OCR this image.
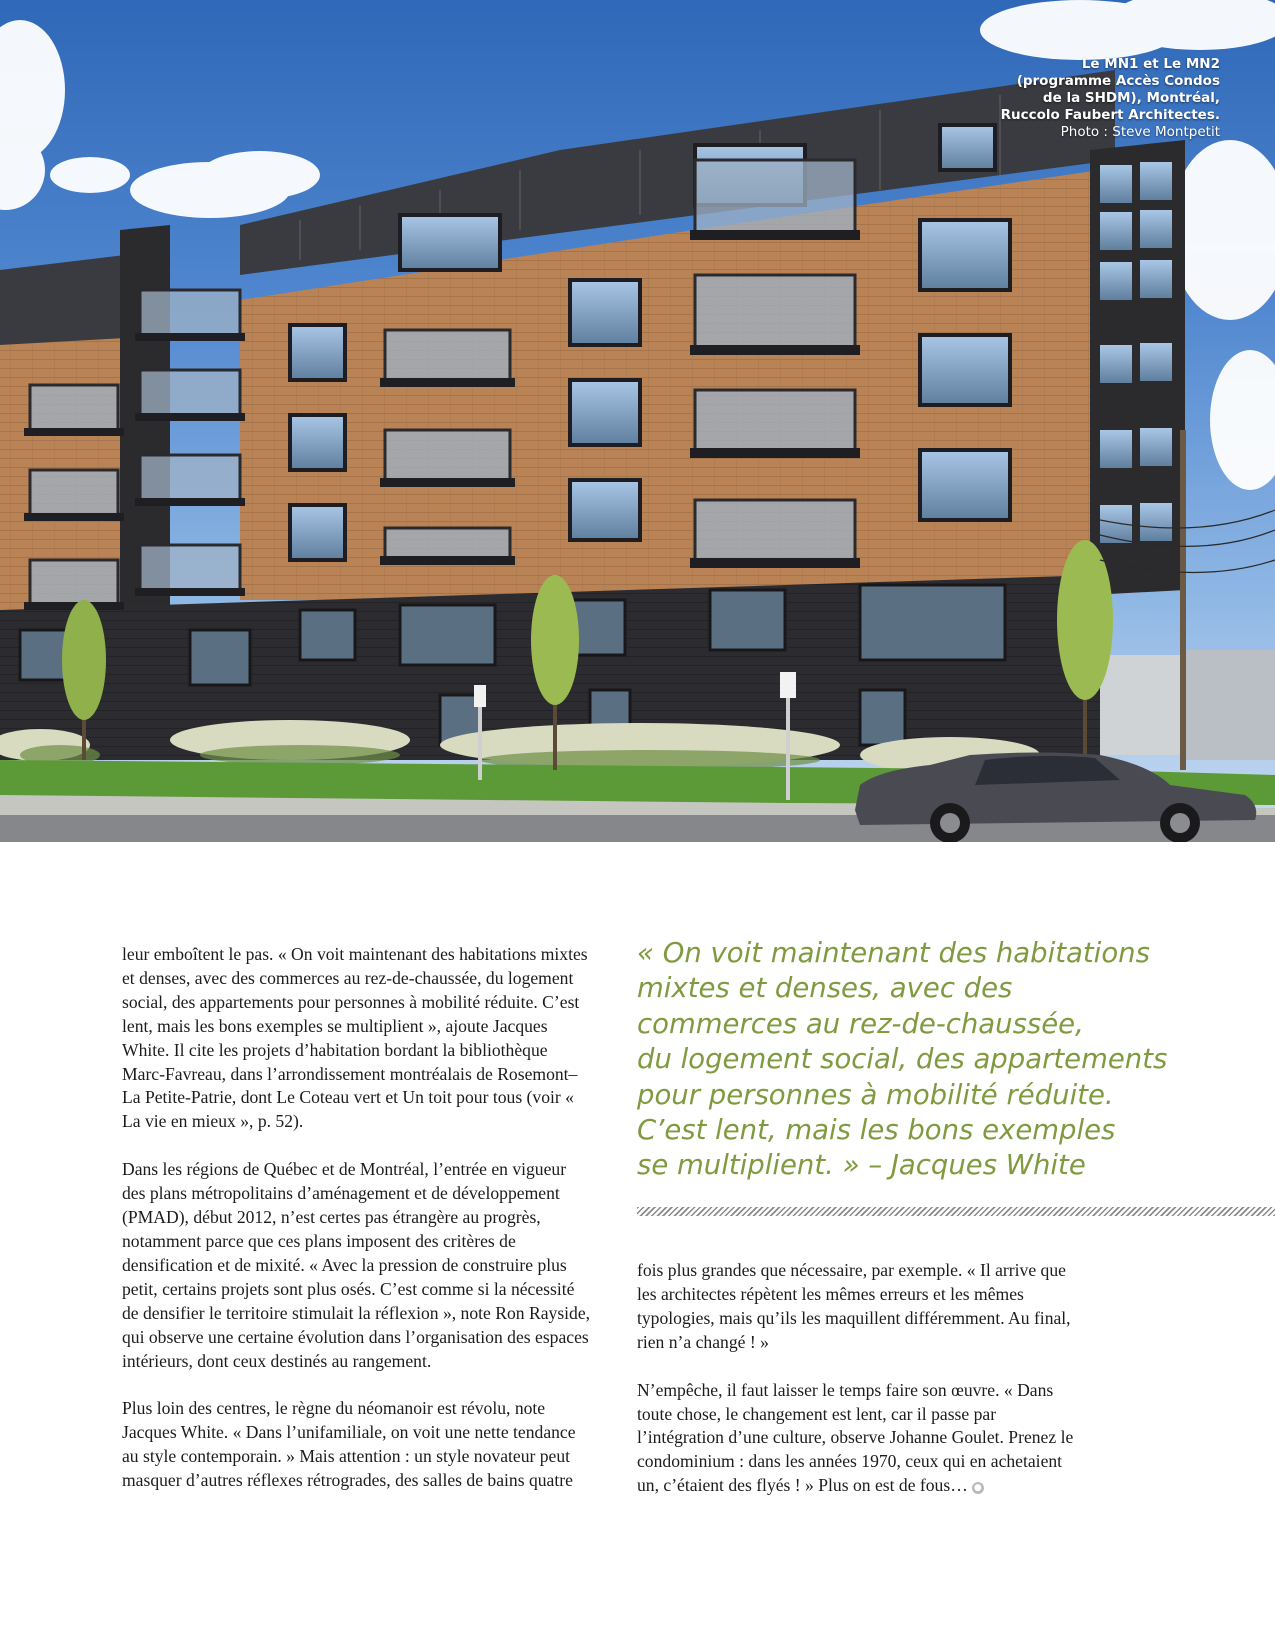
Le MN1 et Le MN2
(programme Accès Condos
de la SHDM), Montréal,
Ruccolo Faubert Architectes.
Photo : Steve Montpetit

leur emboîtent le pas. « On voit maintenant des habitations mixtes et denses, avec des commerces au rez-de-chaussée, du logement social, des appartements pour personnes à mobilité réduite. C’est lent, mais les bons exemples se multiplient », ajoute Jacques White. Il cite les projets d’habitation bordant la bibliothèque Marc-Favreau, dans l’arrondissement montréalais de Rosemont–La Petite-Patrie, dont Le Coteau vert et Un toit pour tous (voir « La vie en mieux », p. 52).

Dans les régions de Québec et de Montréal, l’entrée en vigueur des plans métropolitains d’aménagement et de développement (PMAD), début 2012, n’est certes pas étrangère au progrès, notamment parce que ces plans imposent des critères de densification et de mixité. « Avec la pression de construire plus petit, certains projets sont plus osés. C’est comme si la nécessité de densifier le territoire stimulait la réflexion », note Ron Rayside, qui observe une certaine évolution dans l’organisation des espaces intérieurs, dont ceux destinés au rangement.

Plus loin des centres, le règne du néomanoir est révolu, note Jacques White. « Dans l’unifamiliale, on voit une nette tendance au style contemporain. » Mais attention : un style novateur peut masquer d’autres réflexes rétrogrades, des salles de bains quatre

« On voit maintenant des habitations
mixtes et denses, avec des
commerces au rez-de-chaussée,
du logement social, des appartements
pour personnes à mobilité réduite.
C’est lent, mais les bons exemples
se multiplient. » – Jacques White

fois plus grandes que nécessaire, par exemple. « Il arrive que les architectes répètent les mêmes erreurs et les mêmes typologies, mais qu’ils les maquillent différemment. Au final, rien n’a changé ! »

N’empêche, il faut laisser le temps faire son œuvre. « Dans toute chose, le changement est lent, car il passe par l’intégration d’une culture, observe Johanne Goulet. Prenez le condominium : dans les années 1970, ceux qui en achetaient un, c’étaient des flyés ! » Plus on est de fous… ●
